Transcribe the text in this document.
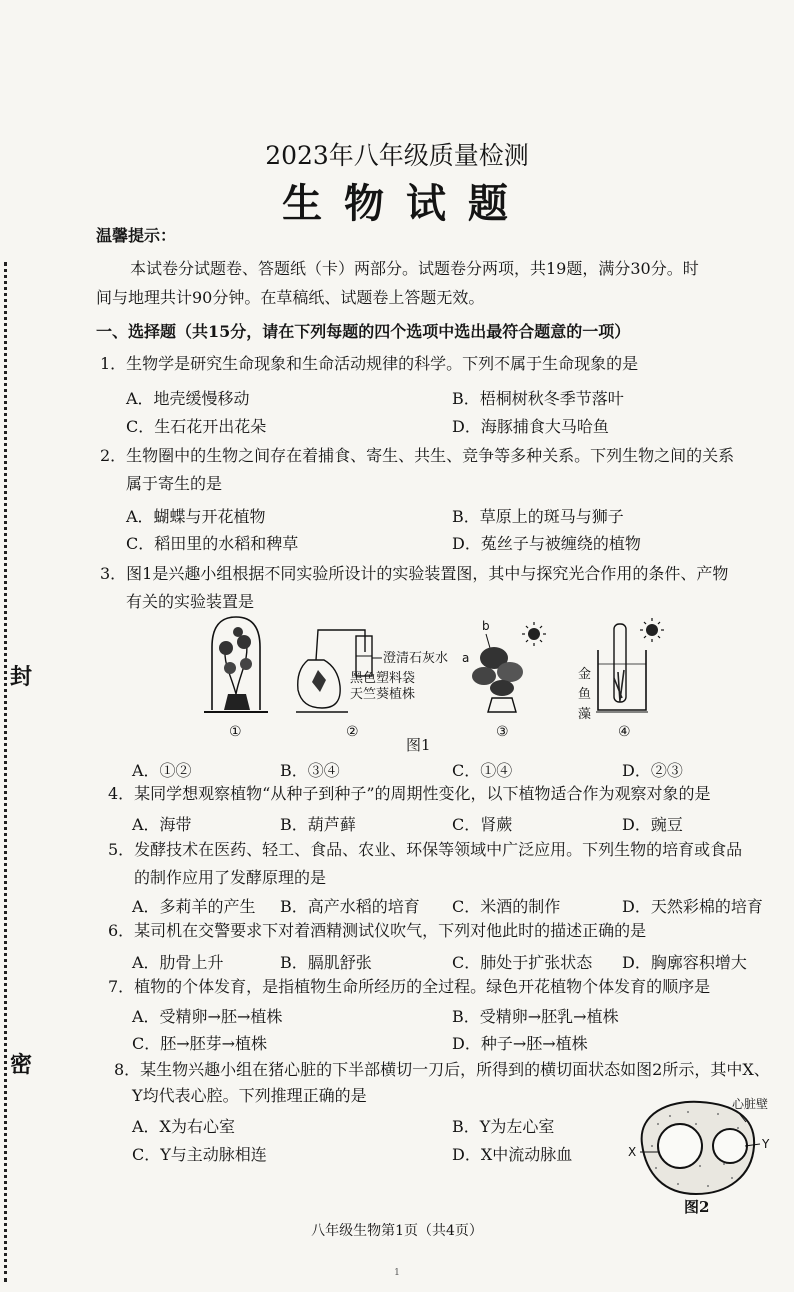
封
密
2023年八年级质量检测
生 物 试 题
温馨提示：
本试卷分试题卷、答题纸（卡）两部分。试题卷分两项，共19题，满分30分。时
间与地理共计90分钟。在草稿纸、试题卷上答题无效。
一、选择题（共15分，请在下列每题的四个选项中选出最符合题意的一项）
1．生物学是研究生命现象和生命活动规律的科学。下列不属于生命现象的是
A．地壳缓慢移动	B．梧桐树秋冬季节落叶
C．生石花开出花朵	D．海豚捕食大马哈鱼
2．生物圈中的生物之间存在着捕食、寄生、共生、竞争等多种关系。下列生物之间的关系
属于寄生的是
A．蝴蝶与开花植物	B．草原上的斑马与狮子
C．稻田里的水稻和稗草	D．菟丝子与被缠绕的植物
3．图1是兴趣小组根据不同实验所设计的实验装置图，其中与探究光合作用的条件、产物
有关的实验装置是
澄清石灰水
黑色塑料袋
天竺葵植株
b
a
金
鱼
藻
①	②	③	④
图1
A．①②	B．③④	C．①④	D．②③
4．某同学想观察植物“从种子到种子”的周期性变化，以下植物适合作为观察对象的是
A．海带	B．葫芦藓	C．肾蕨	D．豌豆
5．发酵技术在医药、轻工、食品、农业、环保等领域中广泛应用。下列生物的培育或食品
的制作应用了发酵原理的是
A．多莉羊的产生 B．高产水稻的培育 C．米酒的制作	D．天然彩棉的培育
6．某司机在交警要求下对着酒精测试仪吹气，下列对他此时的描述正确的是
A．肋骨上升	B．膈肌舒张	C．肺处于扩张状态 D．胸廓容积增大
7．植物的个体发育，是指植物生命所经历的全过程。绿色开花植物个体发育的顺序是
A．受精卵→胚→植株	B．受精卵→胚乳→植株
C．胚→胚芽→植株	D．种子→胚→植株
8．某生物兴趣小组在猪心脏的下半部横切一刀后，所得到的横切面状态如图2所示，其中X、
Y均代表心腔。下列推理正确的是
A．X为右心室	B．Y为左心室
C．Y与主动脉相连	D．X中流动脉血
心脏壁
X
Y
图2
八年级生物第1页（共4页）
1
